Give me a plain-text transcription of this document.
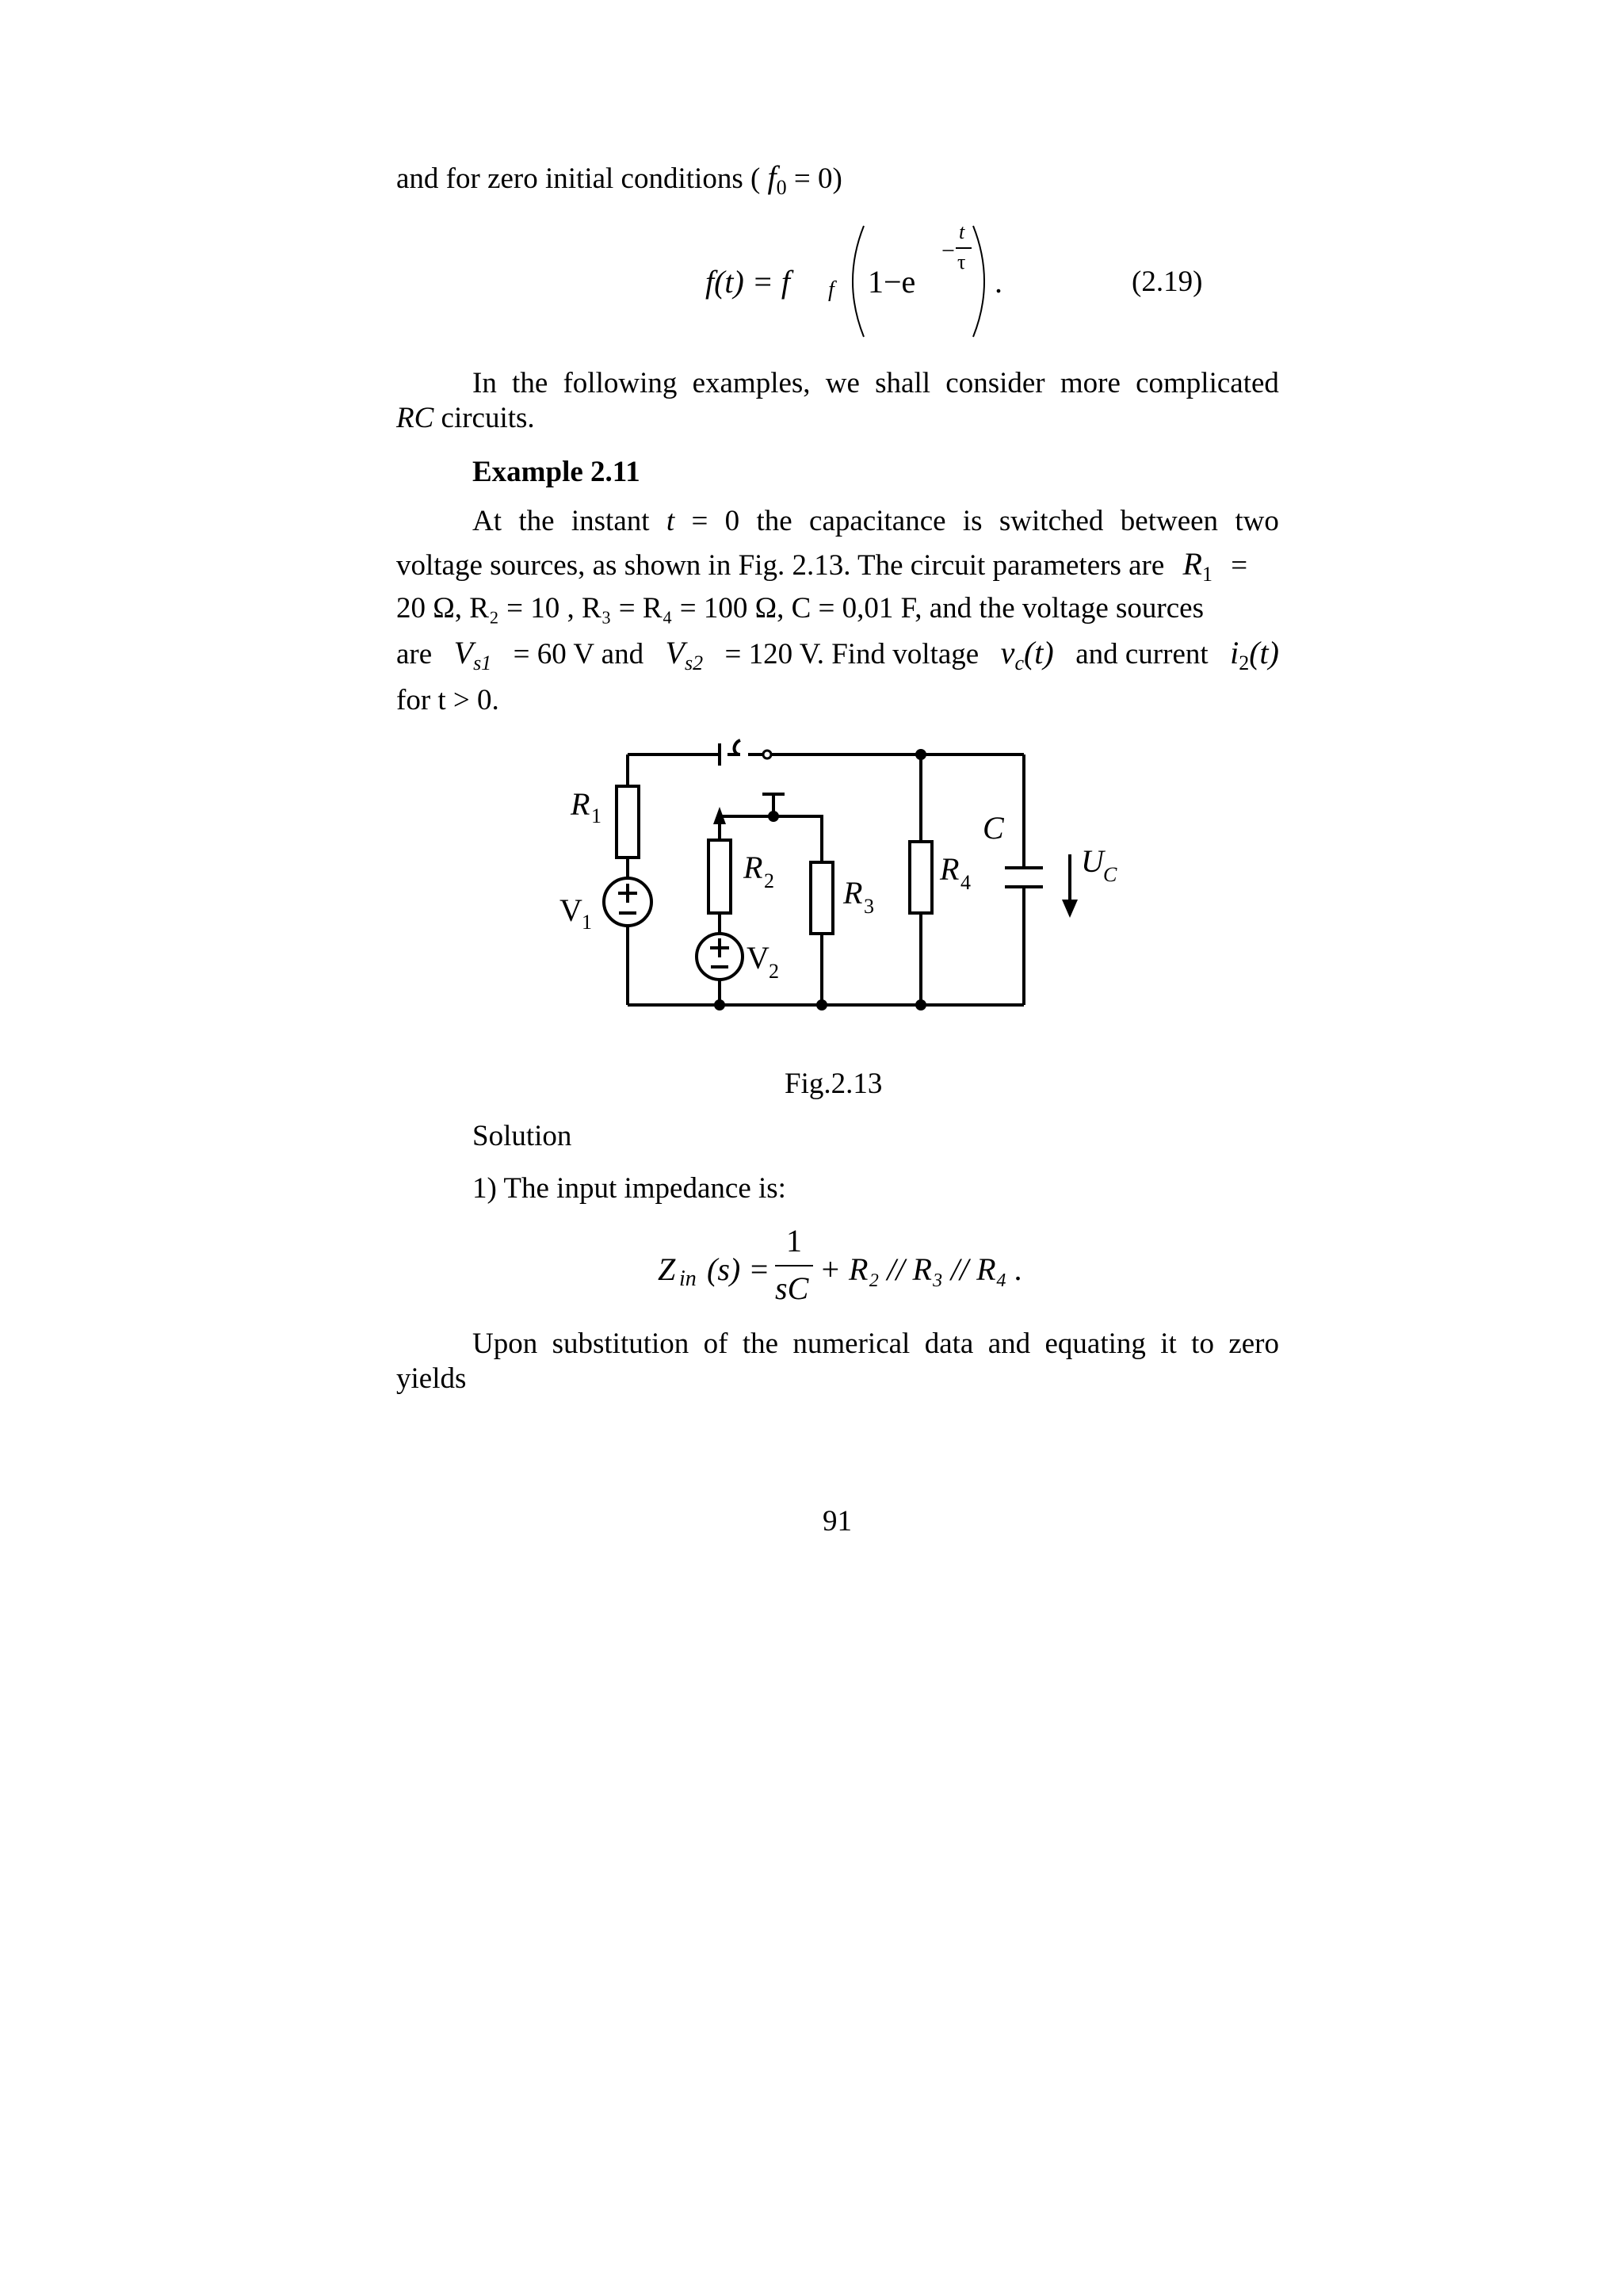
and for zero initial conditions ( $f_0 = 0$)
f(t) = f f 1−e
−
t
τ
.	(2.19)
In the following examples, we shall consider more complicated
RC circuits.
Example 2.11
At the instant t = 0 the capacitance is switched between two
voltage sources, as shown in Fig. 2.13. The circuit parameters are $R_1$ =
20 Ω, R₂ = 10 , R₃ = R₄ = 100 Ω, C = 0,01 F, and the voltage sources
are $V_{s1} = 60$ V and $V_{s2} = 120$ V. Find voltage $v_c(t)$ and current $i_2(t)$
for t > 0.
R 1
V 1
R 2
V 2
R 3
R 4
C
U C
Fig.2.13
Solution
1) The input impedance is:
Z in (s) =
1
sC
+ R₂ // R₃ // R₄ .
Upon substitution of the numerical data and equating it to zero
yields
91
